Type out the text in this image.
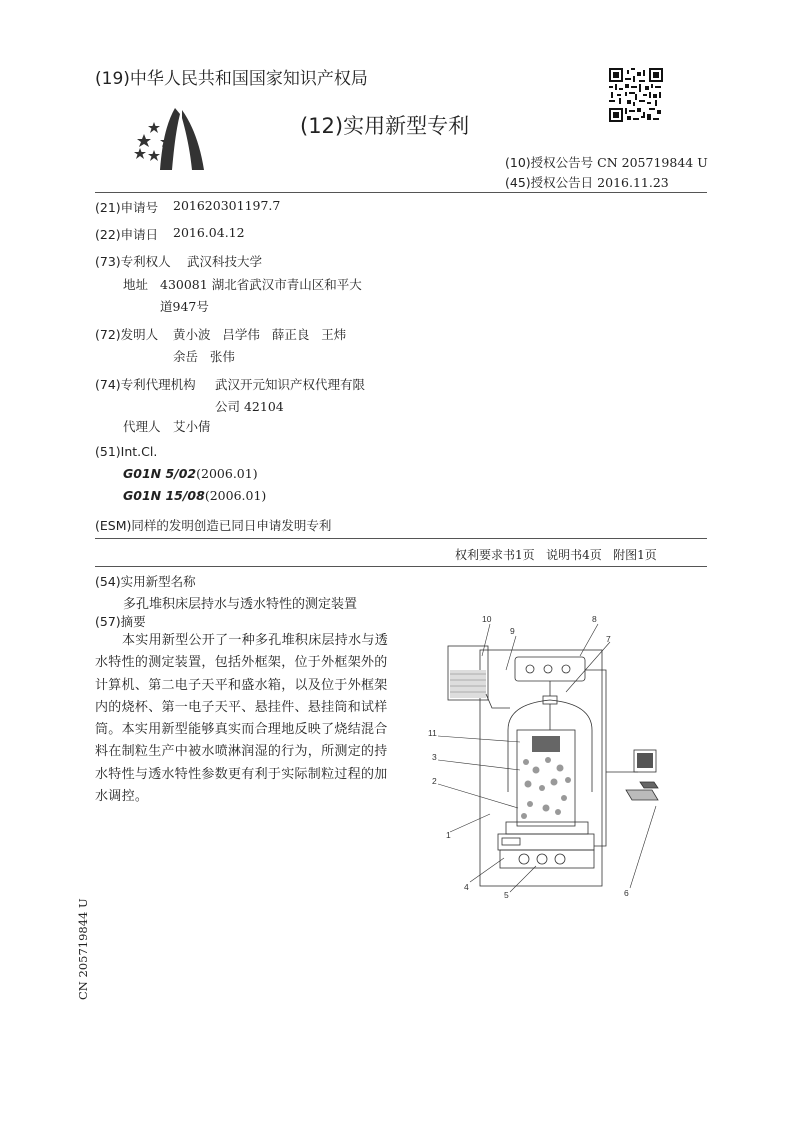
(19)中华人民共和国国家知识产权局
(12)实用新型专利
(10)授权公告号 CN 205719844 U
(45)授权公告日 2016.11.23
(21)申请号 201620301197.7
(22)申请日 2016.04.12
(73)专利权人 武汉科技大学
地址 430081 湖北省武汉市青山区和平大
道947号
(72)发明人 黄小波   吕学伟   薛正良   王炜
余岳   张伟
(74)专利代理机构 武汉开元知识产权代理有限
公司 42104
代理人 艾小倩
(51)Int.Cl.
G01N 5/02(2006.01)
G01N 15/08(2006.01)
(ESM)同样的发明创造已同日申请发明专利
权利要求书1页   说明书4页   附图1页
(54)实用新型名称
多孔堆积床层持水与透水特性的测定装置
(57)摘要
本实用新型公开了一种多孔堆积床层持水与透水特性的测定装置，包括外框架，位于外框架外的计算机、第二电子天平和盛水箱，以及位于外框架内的烧杯、第一电子天平、悬挂件、悬挂筒和试样筒。本实用新型能够真实而合理地反映了烧结混合料在制粒生产中被水喷淋润湿的行为，所测定的持水特性与透水特性参数更有利于实际制粒过程的加水调控。
10
9
8
7
11
3
2
1
4
5	6
CN 205719844 U
